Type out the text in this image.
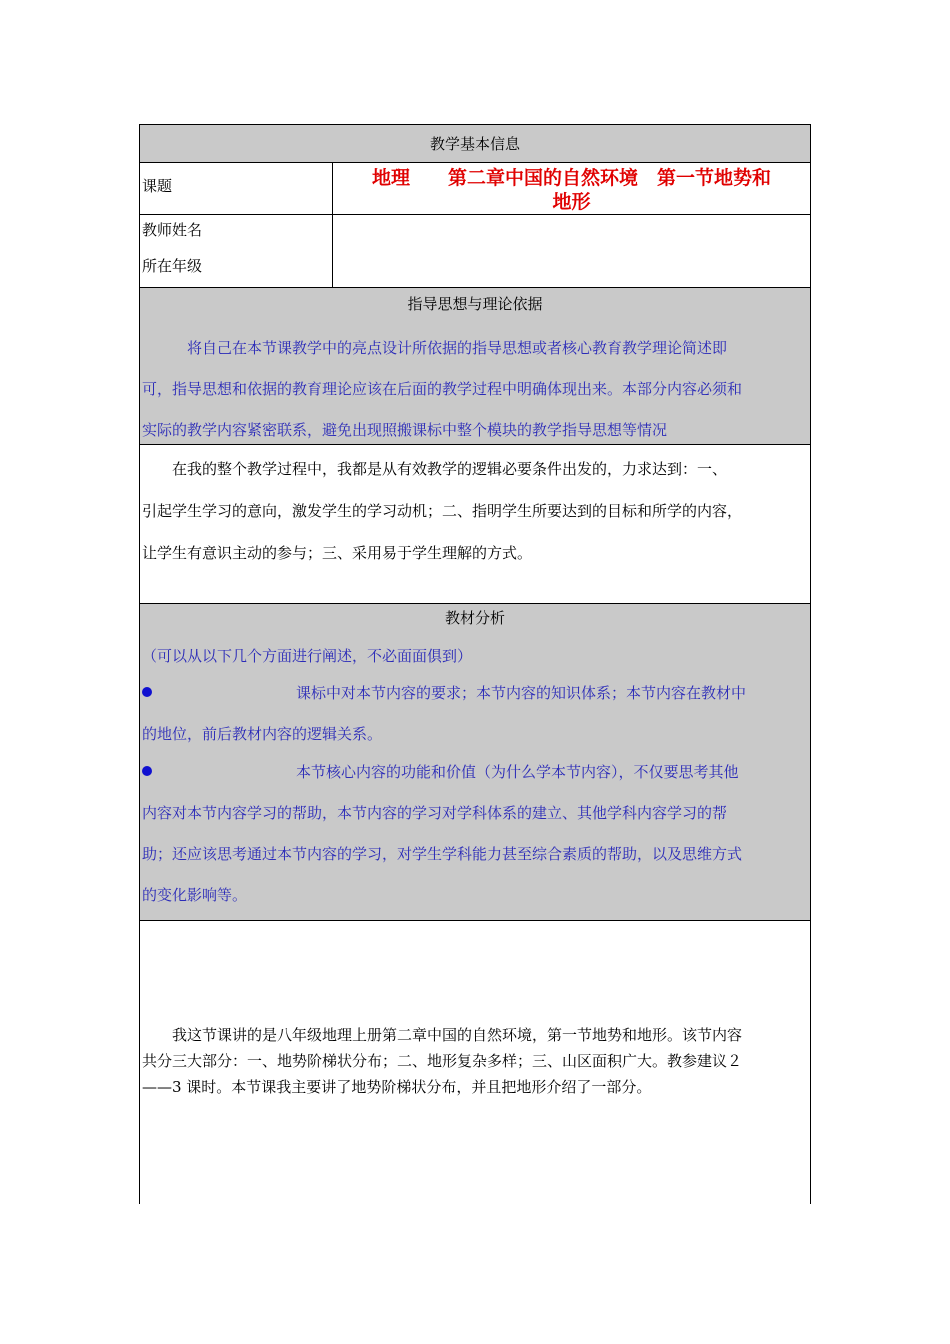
教学基本信息
课题	地理　　第二章中国的自然环境　第一节地势和
地形
教师姓名
所在年级
指导思想与理论依据
　　　将自己在本节课教学中的亮点设计所依据的指导思想或者核心教育教学理论简述即
可，指导思想和依据的教育理论应该在后面的教学过程中明确体现出来。本部分内容必须和
实际的教学内容紧密联系，避免出现照搬课标中整个模块的教学指导思想等情况
　　在我的整个教学过程中，我都是从有效教学的逻辑必要条件出发的，力求达到：一、
引起学生学习的意向，激发学生的学习动机；二、指明学生所要达到的目标和所学的内容，
让学生有意识主动的参与；三、采用易于学生理解的方式。
教材分析
（可以从以下几个方面进行阐述，不必面面俱到）
课标中对本节内容的要求；本节内容的知识体系；本节内容在教材中
的地位，前后教材内容的逻辑关系。
本节核心内容的功能和价值（为什么学本节内容），不仅要思考其他
内容对本节内容学习的帮助，本节内容的学习对学科体系的建立、其他学科内容学习的帮
助；还应该思考通过本节内容的学习，对学生学科能力甚至综合素质的帮助，以及思维方式
的变化影响等。
　　我这节课讲的是八年级地理上册第二章中国的自然环境，第一节地势和地形。该节内容
共分三大部分：一、地势阶梯状分布；二、地形复杂多样；三、山区面积广大。教参建议２
——3 课时。本节课我主要讲了地势阶梯状分布，并且把地形介绍了一部分。
